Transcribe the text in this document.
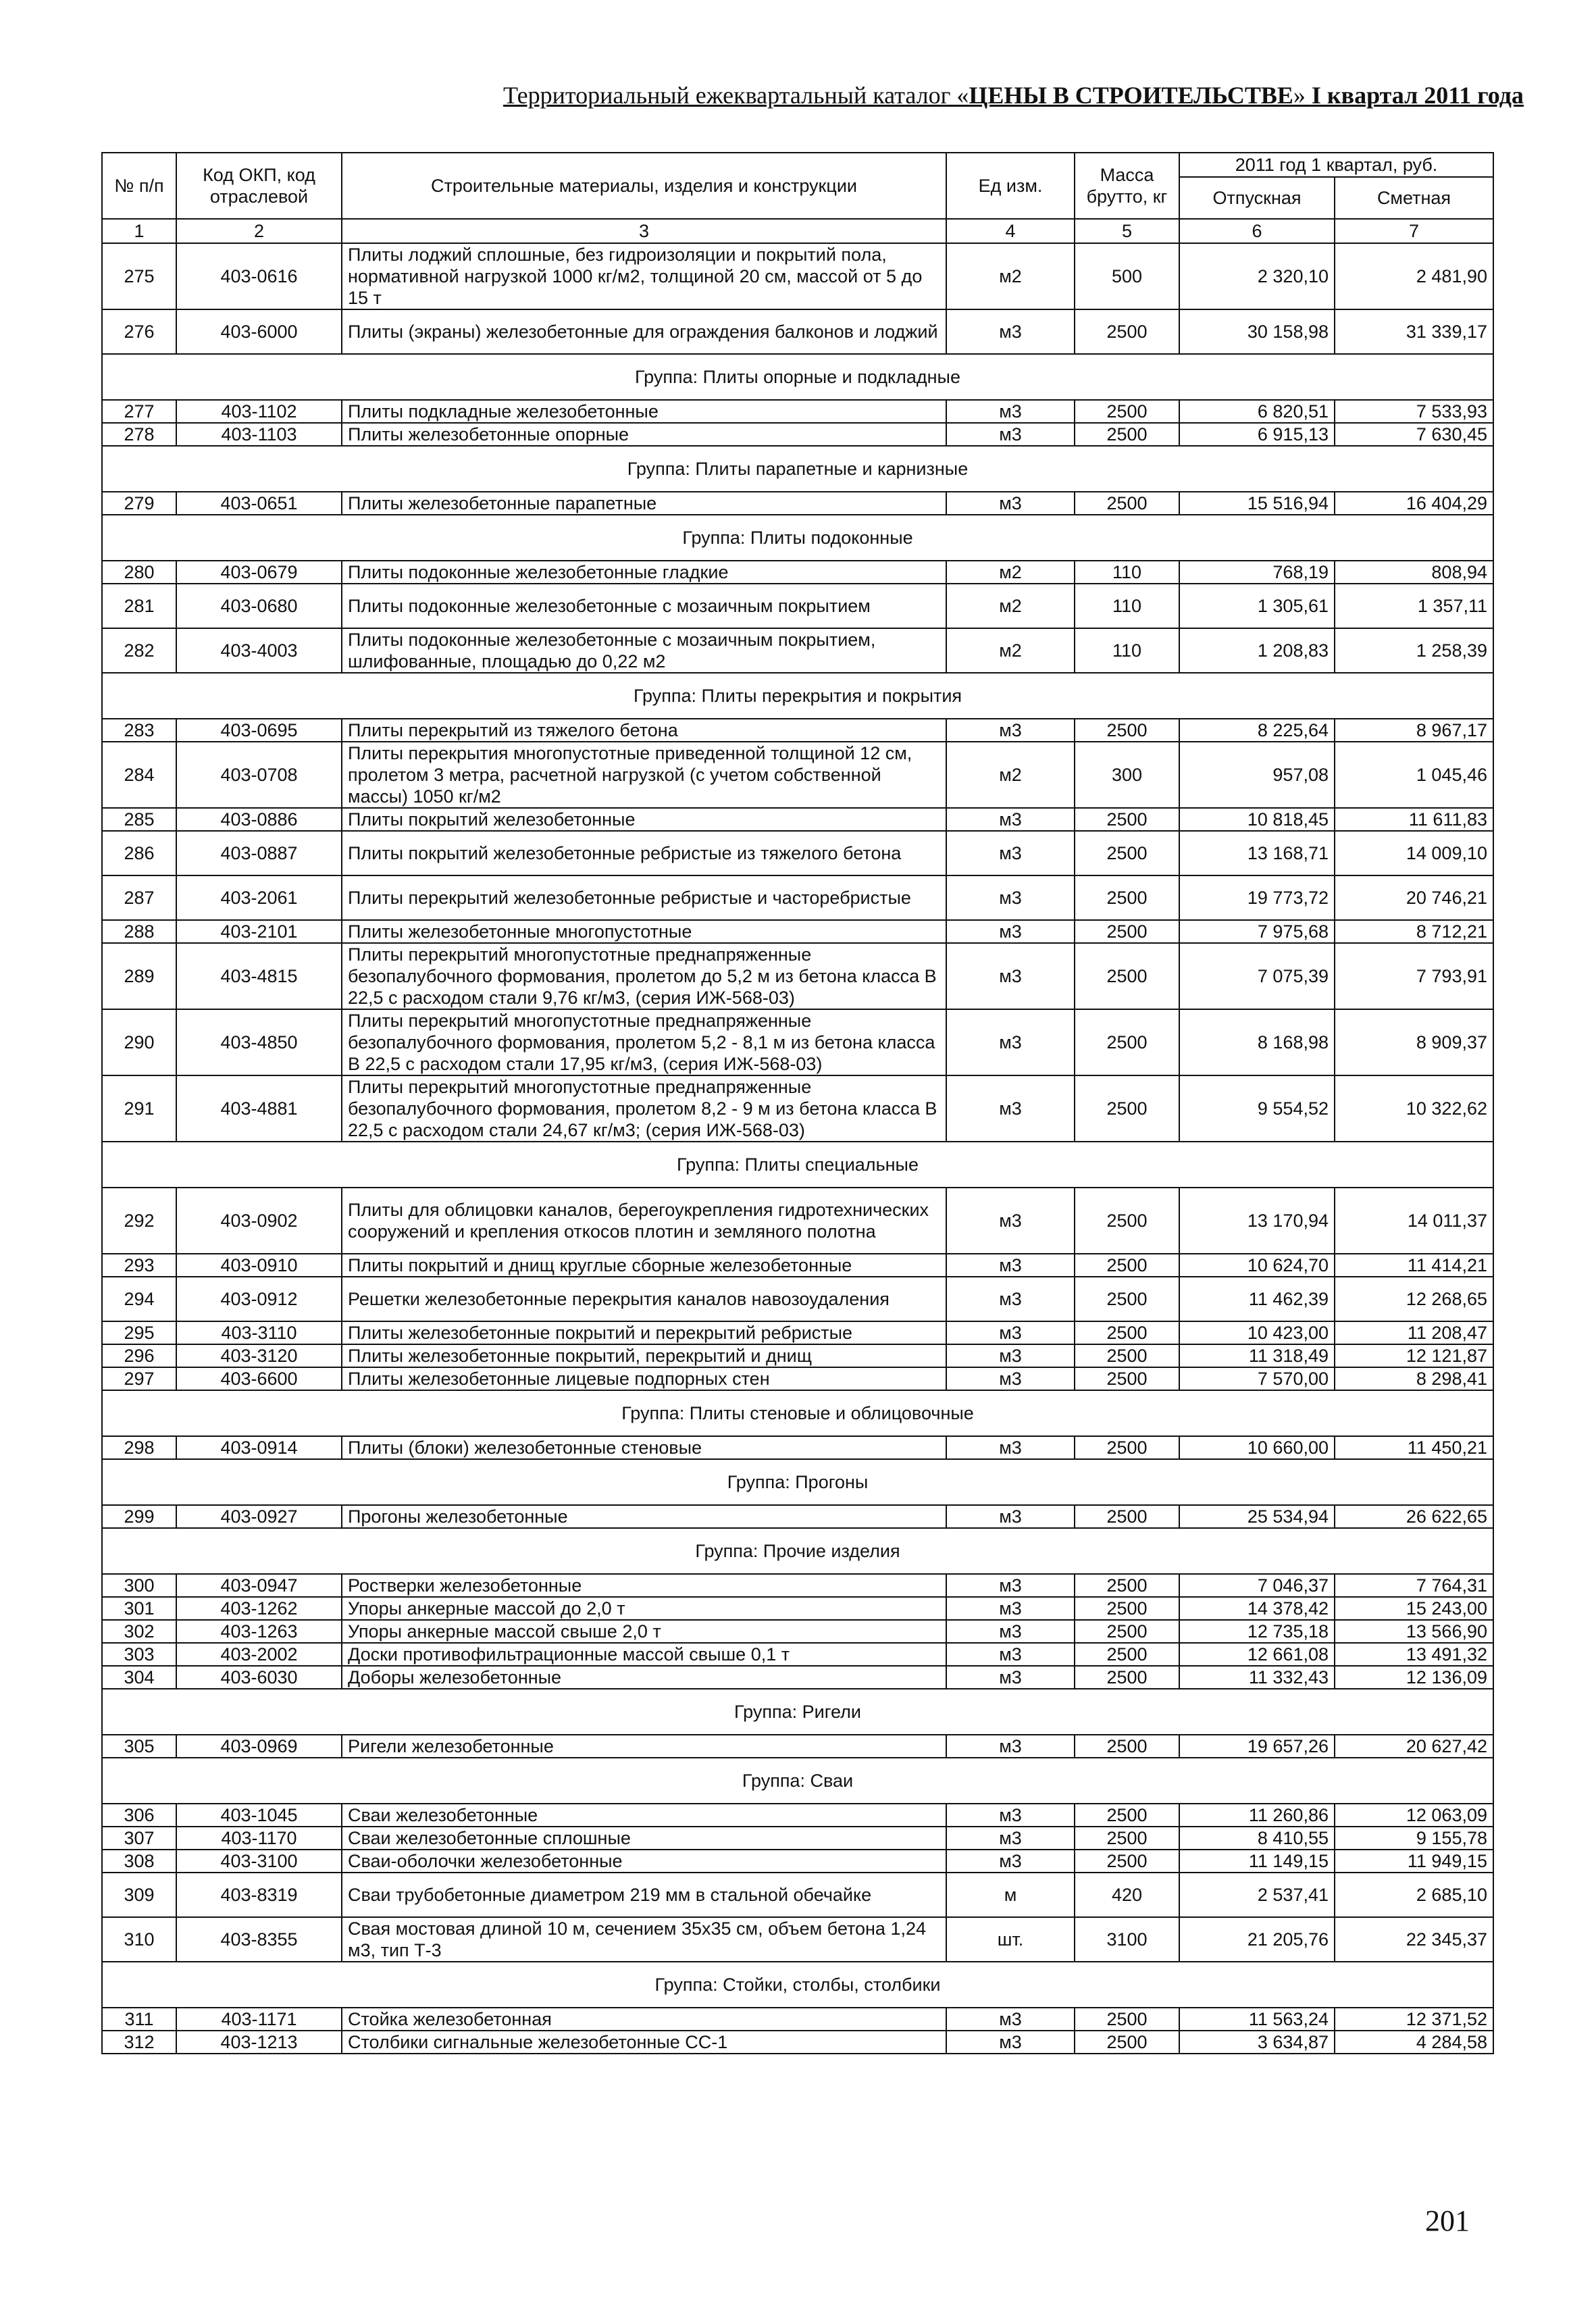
Территориальный ежеквартальный каталог «ЦЕНЫ В СТРОИТЕЛЬСТВЕ» I квартал 2011 года
№ п/п	Код ОКП, код отраслевой	Строительные материалы, изделия и конструкции	Ед изм.	Масса брутто, кг	2011 год 1 квартал, руб.	
					Отпускная	Сметная
1	2	3	4	5	6	7
275	403-0616	Плиты лоджий сплошные, без гидроизоляции и покрытий пола, нормативной нагрузкой 1000 кг/м2, толщиной 20 см, массой от 5 до 15 т	м2	500	2 320,10	2 481,90
276	403-6000	Плиты (экраны) железобетонные для ограждения балконов и лоджий	м3	2500	30 158,98	31 339,17
Группа: Плиты опорные и подкладные						
277	403-1102	Плиты подкладные железобетонные	м3	2500	6 820,51	7 533,93
278	403-1103	Плиты железобетонные опорные	м3	2500	6 915,13	7 630,45
Группа: Плиты парапетные и карнизные						
279	403-0651	Плиты железобетонные парапетные	м3	2500	15 516,94	16 404,29
Группа: Плиты подоконные						
280	403-0679	Плиты подоконные железобетонные гладкие	м2	110	768,19	808,94
281	403-0680	Плиты подоконные железобетонные с мозаичным покрытием	м2	110	1 305,61	1 357,11
282	403-4003	Плиты подоконные железобетонные с мозаичным покрытием, шлифованные, площадью до 0,22 м2	м2	110	1 208,83	1 258,39
Группа: Плиты перекрытия и покрытия						
283	403-0695	Плиты перекрытий из тяжелого бетона	м3	2500	8 225,64	8 967,17
284	403-0708	Плиты перекрытия многопустотные приведенной толщиной 12 см, пролетом 3 метра, расчетной нагрузкой (с учетом собственной массы) 1050 кг/м2	м2	300	957,08	1 045,46
285	403-0886	Плиты покрытий железобетонные	м3	2500	10 818,45	11 611,83
286	403-0887	Плиты покрытий железобетонные ребристые из тяжелого бетона	м3	2500	13 168,71	14 009,10
287	403-2061	Плиты перекрытий железобетонные ребристые и часторебристые	м3	2500	19 773,72	20 746,21
288	403-2101	Плиты железобетонные многопустотные	м3	2500	7 975,68	8 712,21
289	403-4815	Плиты перекрытий многопустотные преднапряженные безопалубочного формования, пролетом до 5,2 м из бетона класса В 22,5 с расходом стали 9,76 кг/м3, (серия ИЖ-568-03)	м3	2500	7 075,39	7 793,91
290	403-4850	Плиты перекрытий многопустотные преднапряженные безопалубочного формования, пролетом 5,2 - 8,1 м из бетона класса В 22,5 с расходом стали 17,95 кг/м3, (серия ИЖ-568-03)	м3	2500	8 168,98	8 909,37
291	403-4881	Плиты перекрытий многопустотные преднапряженные безопалубочного формования, пролетом 8,2 - 9 м из бетона класса В 22,5 с расходом стали 24,67 кг/м3; (серия ИЖ-568-03)	м3	2500	9 554,52	10 322,62
Группа: Плиты специальные						
292	403-0902	Плиты для облицовки каналов, берегоукрепления гидротехнических сооружений и крепления откосов плотин и земляного полотна	м3	2500	13 170,94	14 011,37
293	403-0910	Плиты покрытий и днищ круглые сборные железобетонные	м3	2500	10 624,70	11 414,21
294	403-0912	Решетки железобетонные перекрытия каналов навозоудаления	м3	2500	11 462,39	12 268,65
295	403-3110	Плиты железобетонные покрытий и перекрытий ребристые	м3	2500	10 423,00	11 208,47
296	403-3120	Плиты железобетонные покрытий, перекрытий и днищ	м3	2500	11 318,49	12 121,87
297	403-6600	Плиты железобетонные лицевые подпорных стен	м3	2500	7 570,00	8 298,41
Группа: Плиты стеновые и облицовочные						
298	403-0914	Плиты (блоки) железобетонные стеновые	м3	2500	10 660,00	11 450,21
Группа: Прогоны						
299	403-0927	Прогоны железобетонные	м3	2500	25 534,94	26 622,65
Группа: Прочие изделия						
300	403-0947	Ростверки железобетонные	м3	2500	7 046,37	7 764,31
301	403-1262	Упоры анкерные массой до 2,0 т	м3	2500	14 378,42	15 243,00
302	403-1263	Упоры анкерные массой свыше 2,0 т	м3	2500	12 735,18	13 566,90
303	403-2002	Доски противофильтрационные массой свыше 0,1 т	м3	2500	12 661,08	13 491,32
304	403-6030	Доборы железобетонные	м3	2500	11 332,43	12 136,09
Группа: Ригели						
305	403-0969	Ригели железобетонные	м3	2500	19 657,26	20 627,42
Группа: Сваи						
306	403-1045	Сваи железобетонные	м3	2500	11 260,86	12 063,09
307	403-1170	Сваи железобетонные сплошные	м3	2500	8 410,55	9 155,78
308	403-3100	Сваи-оболочки железобетонные	м3	2500	11 149,15	11 949,15
309	403-8319	Сваи трубобетонные диаметром 219 мм в стальной обечайке	м	420	2 537,41	2 685,10
310	403-8355	Свая мостовая длиной 10 м, сечением 35х35 см, объем бетона 1,24 м3, тип Т-3	шт.	3100	21 205,76	22 345,37
Группа: Стойки, столбы, столбики						
311	403-1171	Стойка железобетонная	м3	2500	11 563,24	12 371,52
312	403-1213	Столбики сигнальные железобетонные СС-1	м3	2500	3 634,87	4 284,58
201
